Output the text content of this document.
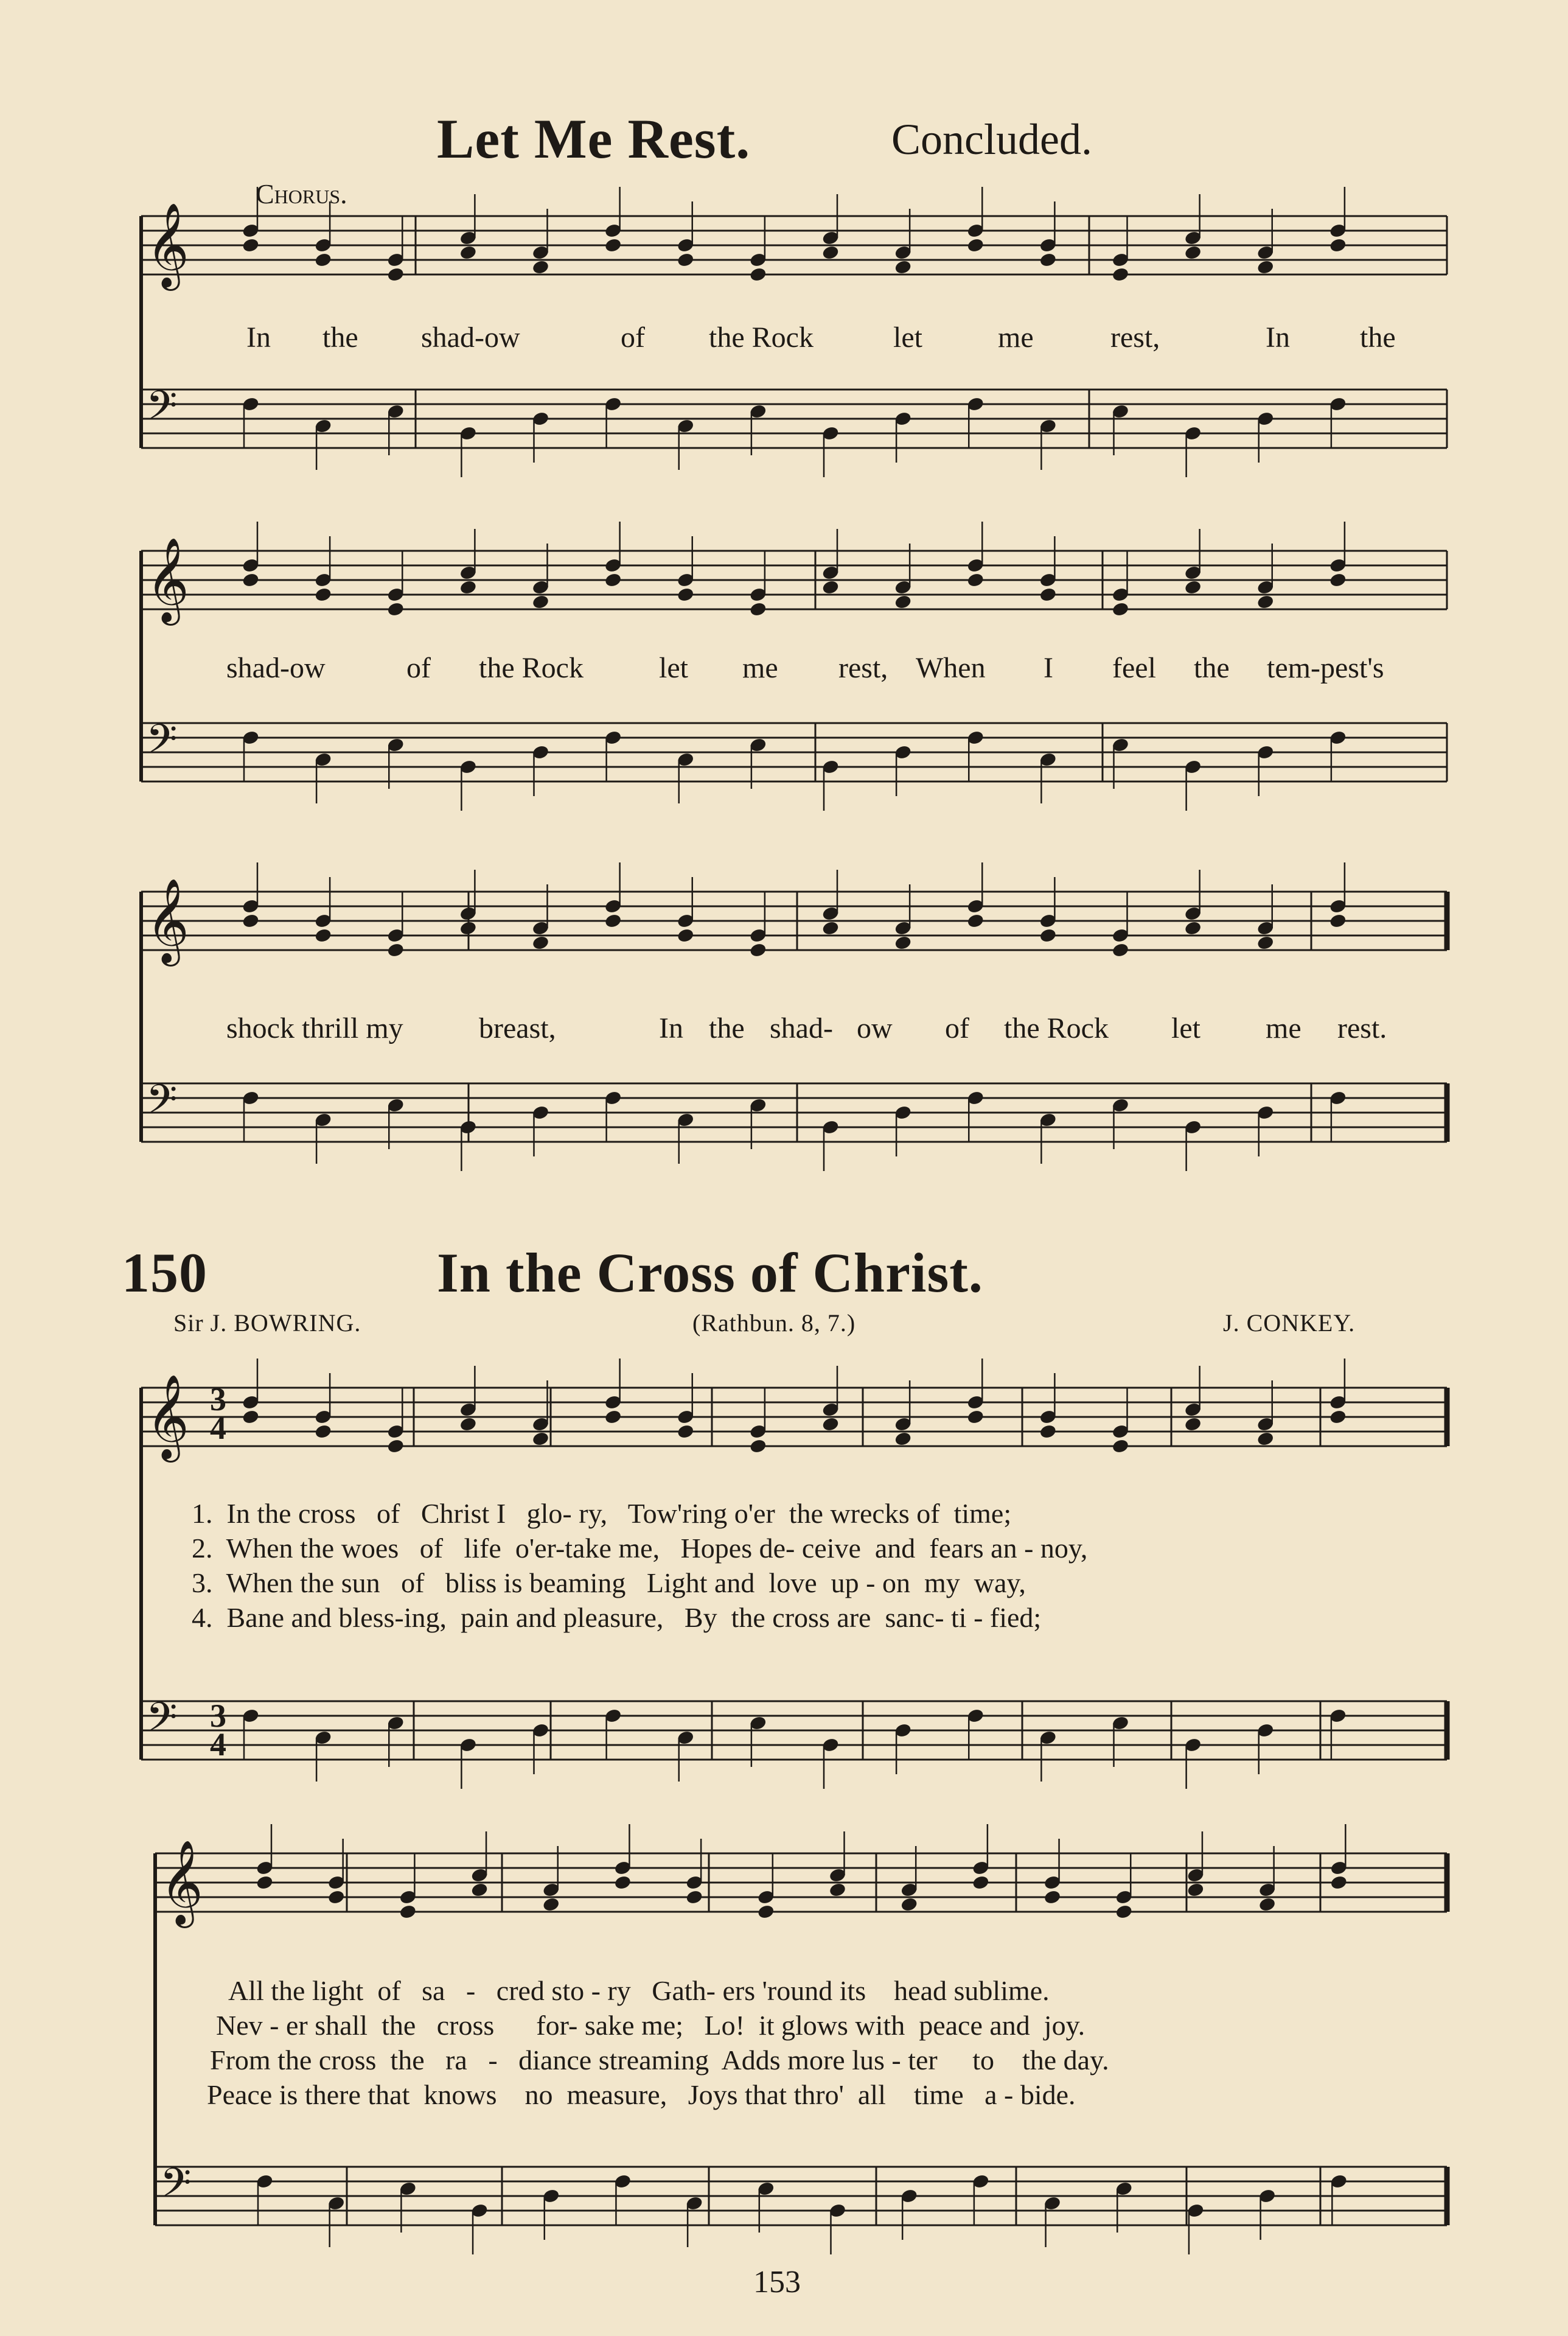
𝄞
𝄢
𝄞
𝄢
𝄞
𝄢
𝄞
𝄢
𝄞
𝄢
Let Me Rest.	Concluded.
Chorus.
In the shad-ow	of the Rock	let	me	rest,	In the
shad-ow	of the Rock	let me rest, When I feel the tem-pest's
shock thrill my	breast,	In the shad- ow of the Rock let me rest.
150	In the Cross of Christ.
Sir J. BOWRING.	(Rathbun. 8, 7.)	J. CONKEY.
3
4
3
4
1.  In the cross   of   Christ I   glo- ry,   Tow'ring o'er  the wrecks of  time;
2.  When the woes   of   life  o'er-take me,   Hopes de- ceive  and  fears an - noy,
3.  When the sun   of   bliss is beaming   Light and  love  up - on  my  way,
4.  Bane and bless-ing,  pain and pleasure,   By  the cross are  sanc- ti - fied;
All the light  of   sa   -   cred sto - ry   Gath- ers 'round its    head sublime.
Nev - er shall  the   cross      for- sake me;   Lo!  it glows with  peace and  joy.
From the cross  the   ra   -   diance streaming  Adds more lus - ter     to    the day.
Peace is there that  knows    no  measure,   Joys that thro'  all    time   a - bide.
153
